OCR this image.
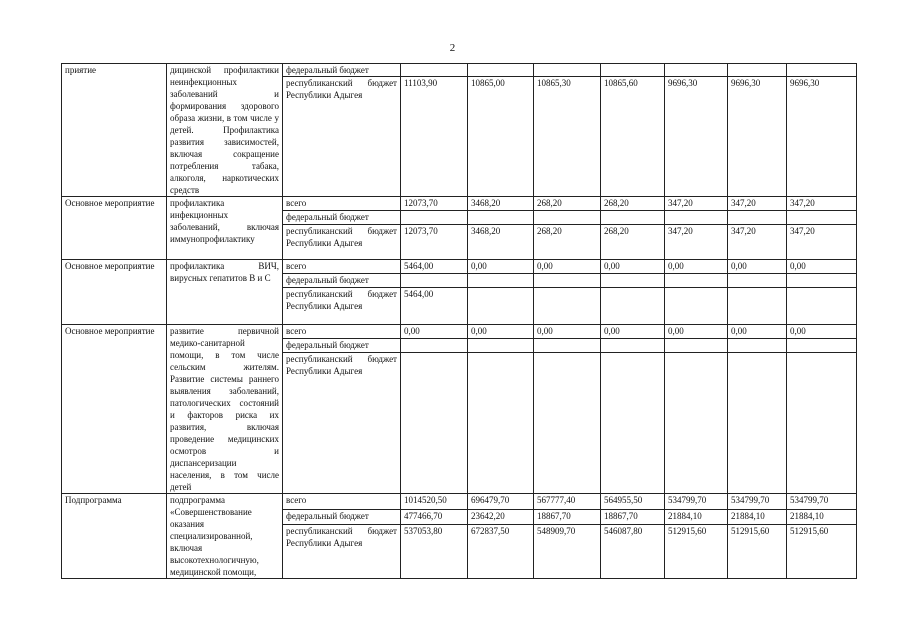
2
приятие	дицинской профилактики неинфекционных заболеваний и формирования здорового образа жизни, в том числе у детей. Профилактика развития зависимостей, включая сокращение потребления табака, алкоголя, наркотических средств	федеральный бюджет							
		республиканский бюджет Республики Адыгея	11103,90	10865,00	10865,30	10865,60	9696,30	9696,30	9696,30
Основное мероприятие	профилактика инфекционных заболеваний, включая иммунопрофилактику	всего	12073,70	3468,20	268,20	268,20	347,20	347,20	347,20
		федеральный бюджет							
		республиканский бюджет Республики Адыгея	12073,70	3468,20	268,20	268,20	347,20	347,20	347,20
Основное мероприятие	профилактика ВИЧ, вирусных гепатитов В и С	всего	5464,00	0,00	0,00	0,00	0,00	0,00	0,00
		федеральный бюджет							
		республиканский бюджет Республики Адыгея	5464,00						
Основное мероприятие	развитие первичной медико-санитарной помощи, в том числе сельским жителям. Развитие системы раннего выявления заболеваний, патологических состояний и факторов риска их развития, включая проведение медицинских осмотров и диспансеризации населения, в том числе детей	всего	0,00	0,00	0,00	0,00	0,00	0,00	0,00
		федеральный бюджет							
		республиканский бюджет Республики Адыгея							
Подпрограмма	подпрограмма «Совершенствование оказания специализированной, включая высокотехнологичную, медицинской помощи,	всего	1014520,50	696479,70	567777,40	564955,50	534799,70	534799,70	534799,70
		федеральный бюджет	477466,70	23642,20	18867,70	18867,70	21884,10	21884,10	21884,10
		республиканский бюджет Республики Адыгея	537053,80	672837,50	548909,70	546087,80	512915,60	512915,60	512915,60
